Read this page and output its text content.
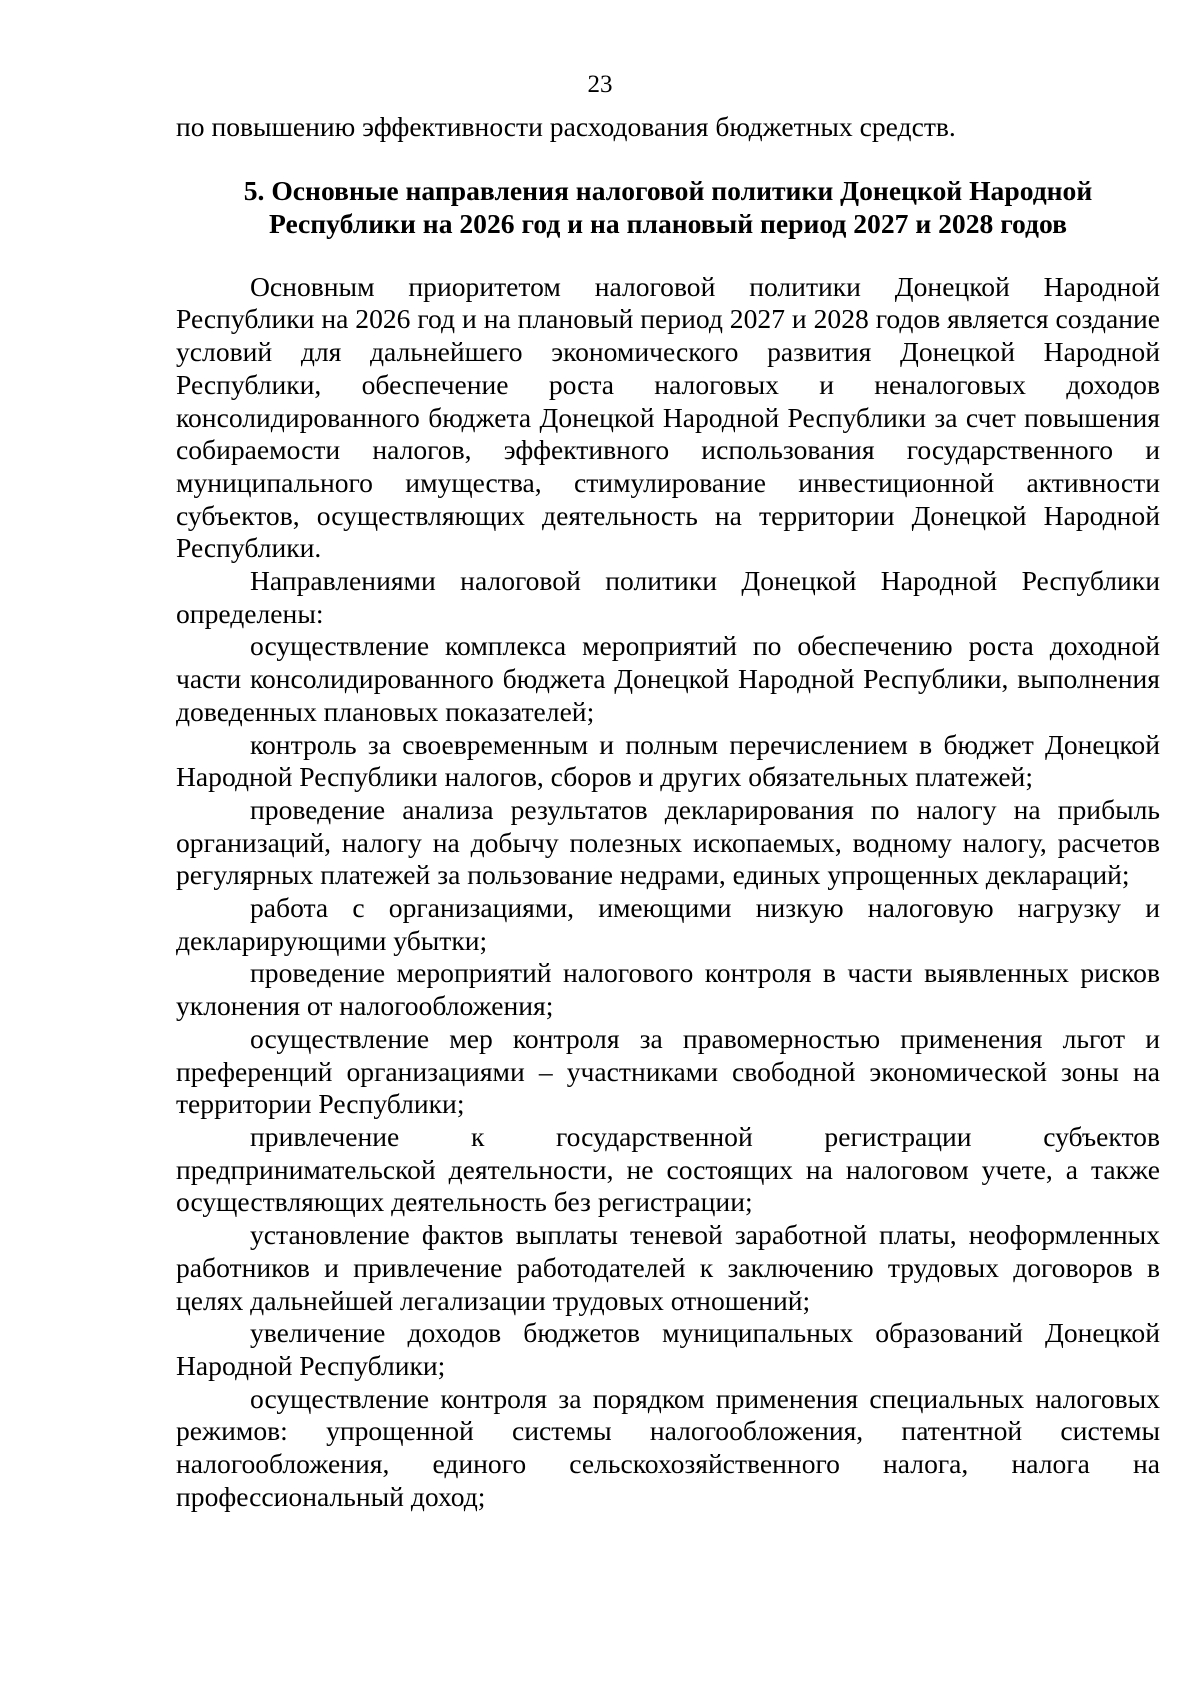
23

по повышению эффективности расходования бюджетных средств.

5. Основные направления налоговой политики Донецкой Народной
Республики на 2026 год и на плановый период 2027 и 2028 годов

Основным приоритетом налоговой политики Донецкой Народной Республики на 2026 год и на плановый период 2027 и 2028 годов является создание условий для дальнейшего экономического развития Донецкой Народной Республики, обеспечение роста налоговых и неналоговых доходов консолидированного бюджета Донецкой Народной Республики за счет повышения собираемости налогов, эффективного использования государственного и муниципального имущества, стимулирование инвестиционной активности субъектов, осуществляющих деятельность на территории Донецкой Народной Республики.

Направлениями налоговой политики Донецкой Народной Республики определены:

осуществление комплекса мероприятий по обеспечению роста доходной части консолидированного бюджета Донецкой Народной Республики, выполнения доведенных плановых показателей;

контроль за своевременным и полным перечислением в бюджет Донецкой Народной Республики налогов, сборов и других обязательных платежей;

проведение анализа результатов декларирования по налогу на прибыль организаций, налогу на добычу полезных ископаемых, водному налогу, расчетов регулярных платежей за пользование недрами, единых упрощенных деклараций;

работа с организациями, имеющими низкую налоговую нагрузку и декларирующими убытки;

проведение мероприятий налогового контроля в части выявленных рисков уклонения от налогообложения;

осуществление мер контроля за правомерностью применения льгот и преференций организациями – участниками свободной экономической зоны на территории Республики;

привлечение к государственной регистрации субъектов предпринимательской деятельности, не состоящих на налоговом учете, а также осуществляющих деятельность без регистрации;

установление фактов выплаты теневой заработной платы, неоформленных работников и привлечение работодателей к заключению трудовых договоров в целях дальнейшей легализации трудовых отношений;

увеличение доходов бюджетов муниципальных образований Донецкой Народной Республики;

осуществление контроля за порядком применения специальных налоговых режимов: упрощенной системы налогообложения, патентной системы налогообложения, единого сельскохозяйственного налога, налога на профессиональный доход;
